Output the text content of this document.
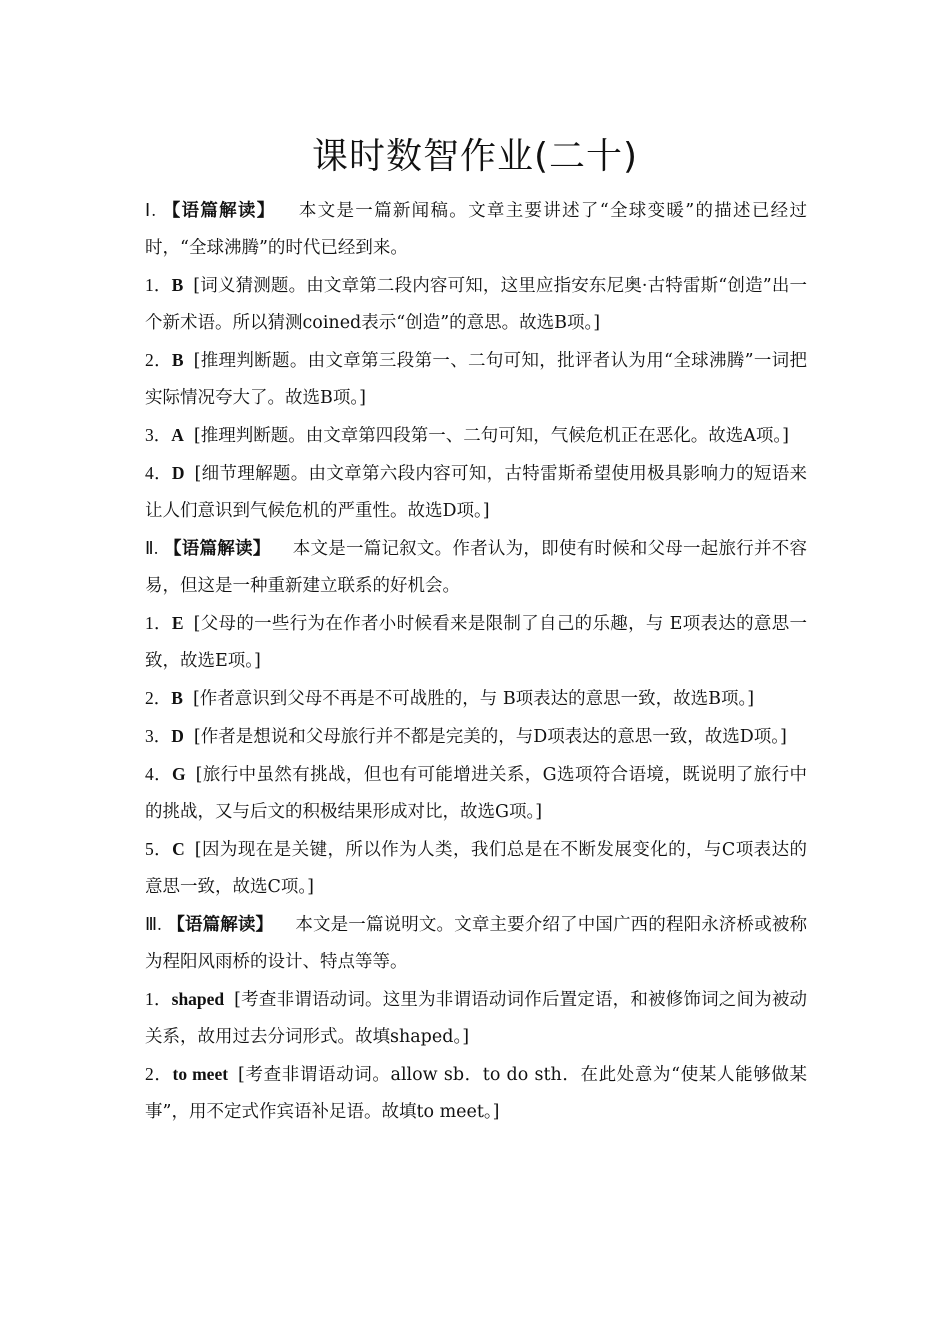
课时数智作业(二十)

Ⅰ. 【语篇解读】 本文是一篇新闻稿。文章主要讲述了“全球变暖”的描述已经过时，“全球沸腾”的时代已经到来。

1．B [词义猜测题。由文章第二段内容可知，这里应指安东尼奥·古特雷斯“创造”出一个新术语。所以猜测coined表示“创造”的意思。故选B项。]

2．B [推理判断题。由文章第三段第一、二句可知，批评者认为用“全球沸腾”一词把实际情况夸大了。故选B项。]

3．A [推理判断题。由文章第四段第一、二句可知，气候危机正在恶化。故选A项。]

4．D [细节理解题。由文章第六段内容可知，古特雷斯希望使用极具影响力的短语来让人们意识到气候危机的严重性。故选D项。]

Ⅱ. 【语篇解读】 本文是一篇记叙文。作者认为，即使有时候和父母一起旅行并不容易，但这是一种重新建立联系的好机会。

1．E [父母的一些行为在作者小时候看来是限制了自己的乐趣，与 E项表达的意思一致，故选E项。]

2．B [作者意识到父母不再是不可战胜的，与 B项表达的意思一致，故选B项。]

3．D [作者是想说和父母旅行并不都是完美的，与D项表达的意思一致，故选D项。]

4．G [旅行中虽然有挑战，但也有可能增进关系，G选项符合语境，既说明了旅行中的挑战，又与后文的积极结果形成对比，故选G项。]

5．C [因为现在是关键，所以作为人类，我们总是在不断发展变化的，与C项表达的意思一致，故选C项。]

Ⅲ. 【语篇解读】 本文是一篇说明文。文章主要介绍了中国广西的程阳永济桥或被称为程阳风雨桥的设计、特点等等。

1．shaped [考查非谓语动词。这里为非谓语动词作后置定语，和被修饰词之间为被动关系，故用过去分词形式。故填shaped。]

2．to meet [考查非谓语动词。allow sb．to do sth．在此处意为“使某人能够做某事”，用不定式作宾语补足语。故填to meet。]
